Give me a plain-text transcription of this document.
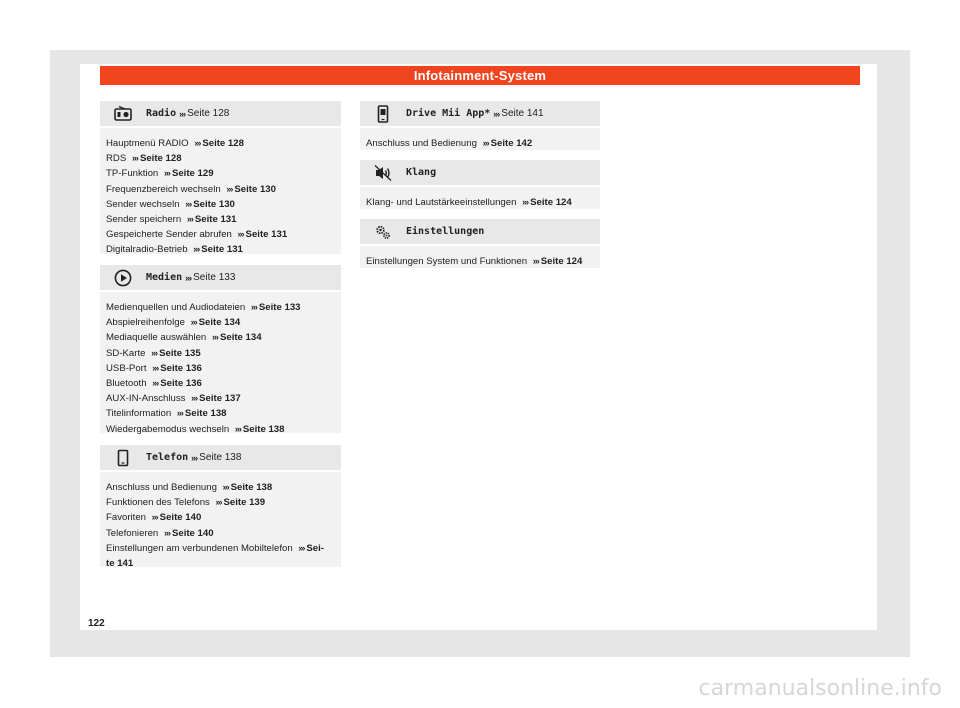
Infotainment-System
Radio ››› Seite 128
Hauptmenü RADIO ››› Seite 128
RDS ››› Seite 128
TP-Funktion ››› Seite 129
Frequenzbereich wechseln ››› Seite 130
Sender wechseln ››› Seite 130
Sender speichern ››› Seite 131
Gespeicherte Sender abrufen ››› Seite 131
Digitalradio-Betrieb ››› Seite 131
Medien ››› Seite 133
Medienquellen und Audiodateien ››› Seite 133
Abspielreihenfolge ››› Seite 134
Mediaquelle auswählen ››› Seite 134
SD-Karte ››› Seite 135
USB-Port ››› Seite 136
Bluetooth ››› Seite 136
AUX-IN-Anschluss ››› Seite 137
Titelinformation ››› Seite 138
Wiedergabemodus wechseln ››› Seite 138
Telefon ››› Seite 138
Anschluss und Bedienung ››› Seite 138
Funktionen des Telefons ››› Seite 139
Favoriten ››› Seite 140
Telefonieren ››› Seite 140
Einstellungen am verbundenen Mobiltelefon ››› Sei-
te 141
Drive Mii App* ››› Seite 141
Anschluss und Bedienung ››› Seite 142
Klang
Klang- und Lautstärkeeinstellungen ››› Seite 124
Einstellungen
Einstellungen System und Funktionen ››› Seite 124
122
carmanualsonline.info
